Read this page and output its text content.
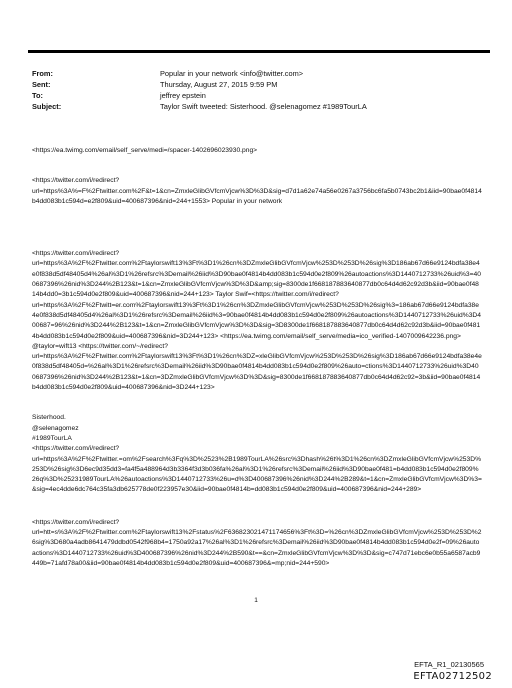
From:	Popular in your network <info@twitter.com>
Sent:	Thursday, August 27, 2015 9:59 PM
To:	jeffrey epstein
Subject:	Taylor Swift tweeted: Sisterhood. @selenagomez #1989TourLA

<https://ea.twimg.com/email/self_serve/medi=/spacer-1402696023930.png>

<https://twitter.com/i/redirect?url=https%3A%=F%2Ftwitter.com%2F&t=1&cn=ZmxleGlibGVfcmVjcw%3D%3D&sig=d7d1a62e74a56e0267a3756bc6fa5b0743bc2b1&iid=90bae0f4814b4dd083b1c594d=e2f809&uid=400687396&nid=244+1553> Popular in your network

<https://twitter.com/i/redirect?url=https%3A%2F%2Ftwitter.com%2Ftaylorswift13%3Ft%3D1%26cn%3DZmxleGlibGVfcmVjcw%253D%253D%26sig%3D186ab67d66e9124bdfa38e4e0f838d5df48405d4%26al%3D1%26refsrc%3Demail%26iid%3D90bae0f4814b4dd083b1c594d0e2f809%26autoactions%3D1440712733%26uid%3=400687396%26nid%3D244%2B123&t=1&cn=ZmxleGlibGVfcmVjcw%3D%3D&amp;sig=8300de1f668187883640877db0c64d4d62c92d3b&iid=90bae0f4814b4dd0=3b1c594d0e2f809&uid=400687396&nid=244+123> Taylor Swif=<https://twitter.com/i/redirect?url=https%3A%2F%2Ftwitt=er.com%2Ftaylorswift13%3Ft%3D1%26cn%3DZmxleGlibGVfcmVjcw%253D%253D%26sig%3=186ab67d66e9124bdfa38e4e0f838d5df48405d4%26al%3D1%26refsrc%3Demail%26iid%3=90bae0f4814b4dd083b1c594d0e2f809%26autoactions%3D1440712733%26uid%3D400687=96%26nid%3D244%2B123&t=1&cn=ZmxleGlibGVfcmVjcw%3D%3D&sig=3D8300de1f668187883640877db0c64d4d62c92d3b&iid=90bae0f4814b4dd083b1c594d0e2f809&uid=400687396&nid=3D244+123> <https://ea.twimg.com/email/self_serve/media=ico_verified-1407009642236.png> @taylor=wift13 <https://twitter.com/~/redirect?url=https%3A%2F%2Ftwitter.com%2Ftaylorswift13%3Ft%3D1%26cn%3DZ=xleGlibGVfcmVjcw%253D%253D%26sig%3D186ab67d66e9124bdfa38e4e0f838d5df48405d=%26al%3D1%26refsrc%3Demail%26iid%3D90bae0f4814b4dd083b1c594d0e2f809%26auto=ctions%3D1440712733%26uid%3D400687396%26nid%3D244%2B123&t=1&cn=3DZmxleGlibGVfcmVjcw%3D%3D&sig=8300de1f668187883640877db0c64d4d62c92=3b&iid=90bae0f4814b4dd083b1c594d0e2f809&uid=400687396&nid=3D244+123>

Sisterhood.

@selenagomez

#1989TourLA

<https://twitter.com/i/redirect?url=https%3A%2F%2Ftwitter.=om%2Fsearch%3Fq%3D%2523%2B1989TourLA%26src%3Dhash%26t%3D1%26cn%3DZmxleGlibGVfcmVjcw%253D%253D%26sig%3D6ec9d35dd3=fa4f5a488964d3b3364f3d3b036fa%26al%3D1%26refsrc%3Demail%26iid%3D90bae0f481=b4dd083b1c594d0e2f809%26q%3D%25231989TourLA%26autoactions%3D1440712733%26u=d%3D400687396%26nid%3D244%2B289&t=1&cn=ZmxleGlibGVfcmVjcw%3D%3=&sig=4ec4dde6dc764c35fa3db625778de0f223957e30&iid=90bae0f4814b=dd083b1c594d0e2f809&uid=400687396&nid=244+289>

<https://twitter.com/i/redirect?url=htt=s%3A%2F%2Ftwitter.com%2Ftaylorswift13%2Fstatus%2F636823021471174656%3Ft%3D=%26cn%3DZmxleGlibGVfcmVjcw%253D%253D%26sig%3D680a4adb8641479ddbd0542f968b4=1750a92a17%26al%3D1%26refsrc%3Demail%26iid%3D90bae0f4814b4dd083b1c594d0e2f=09%26autoactions%3D1440712733%26uid%3D400687396%26nid%3D244%2B590&t==&cn=ZmxleGlibGVfcmVjcw%3D%3D&sig=c747d71ebc6e0b55a6587acb9449b=71afd78a00&iid=90bae0f4814b4dd083b1c594d0e2f809&uid=400687396&=mp;nid=244+590>

1
EFTA_R1_02130565
EFTA02712502
